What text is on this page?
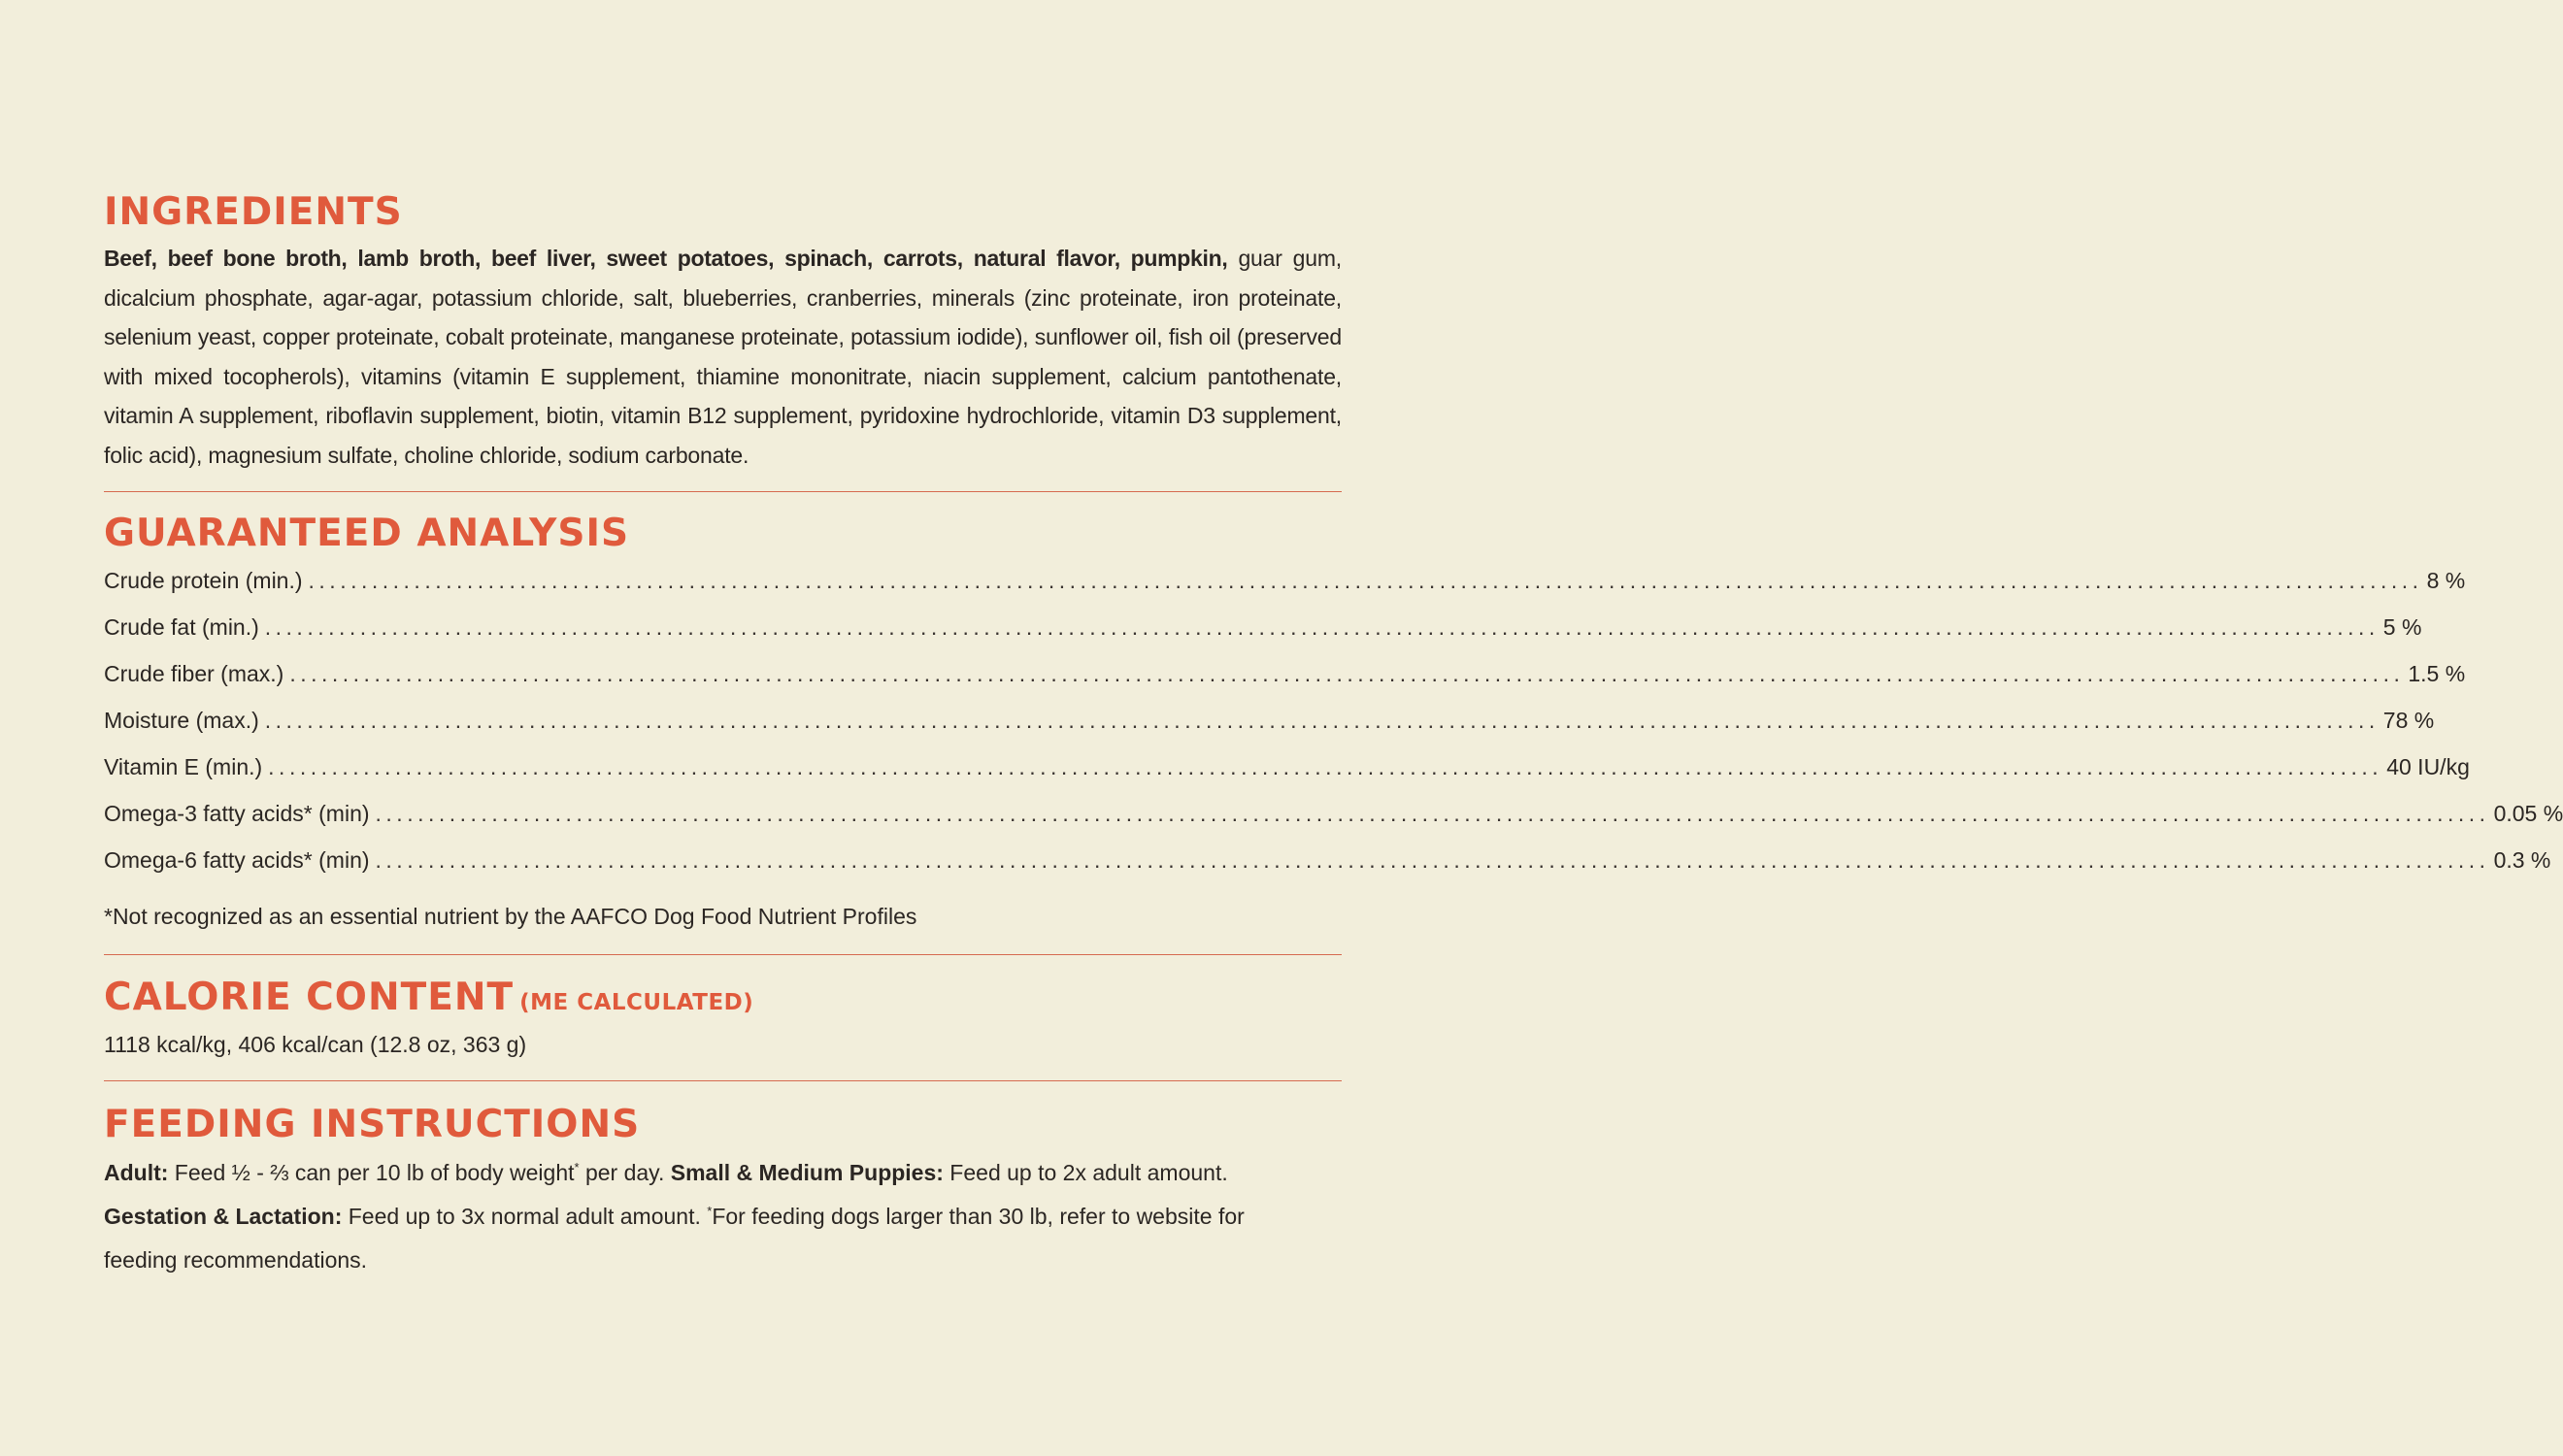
INGREDIENTS

Beef, beef bone broth, lamb broth, beef liver, sweet potatoes, spinach, carrots, natural flavor, pumpkin, guar gum, dicalcium phosphate, agar-agar, potassium chloride, salt, blueberries, cranberries, minerals (zinc proteinate, iron proteinate, selenium yeast, copper proteinate, cobalt proteinate, manganese proteinate, potassium iodide), sunflower oil, fish oil (preserved with mixed tocopherols), vitamins (vitamin E supplement, thiamine mononitrate, niacin supplement, calcium pantothenate, vitamin A supplement, riboflavin supplement, biotin, vitamin B12 supplement, pyridoxine hydrochloride, vitamin D3 supplement, folic acid), magnesium sulfate, choline chloride, sodium carbonate.

GUARANTEED ANALYSIS
Crude protein (min.) ........................................................................................................................................................................................................ 8 %
Crude fat (min.) ........................................................................................................................................................................................................ 5 %
Crude fiber (max.) ........................................................................................................................................................................................................ 1.5 %
Moisture (max.) ........................................................................................................................................................................................................ 78 %
Vitamin E (min.) ........................................................................................................................................................................................................ 40 IU/kg
Omega-3 fatty acids* (min) ........................................................................................................................................................................................................ 0.05 %
Omega-6 fatty acids* (min) ........................................................................................................................................................................................................ 0.3 %

*Not recognized as an essential nutrient by the AAFCO Dog Food Nutrient Profiles

CALORIE CONTENT (ME CALCULATED)

1118 kcal/kg, 406 kcal/can (12.8 oz, 363 g)

FEEDING INSTRUCTIONS

Adult: Feed ½ - ⅔ can per 10 lb of body weight* per day. Small & Medium Puppies: Feed up to 2x adult amount.
Gestation & Lactation: Feed up to 3x normal adult amount. *For feeding dogs larger than 30 lb, refer to website for feeding recommendations.
